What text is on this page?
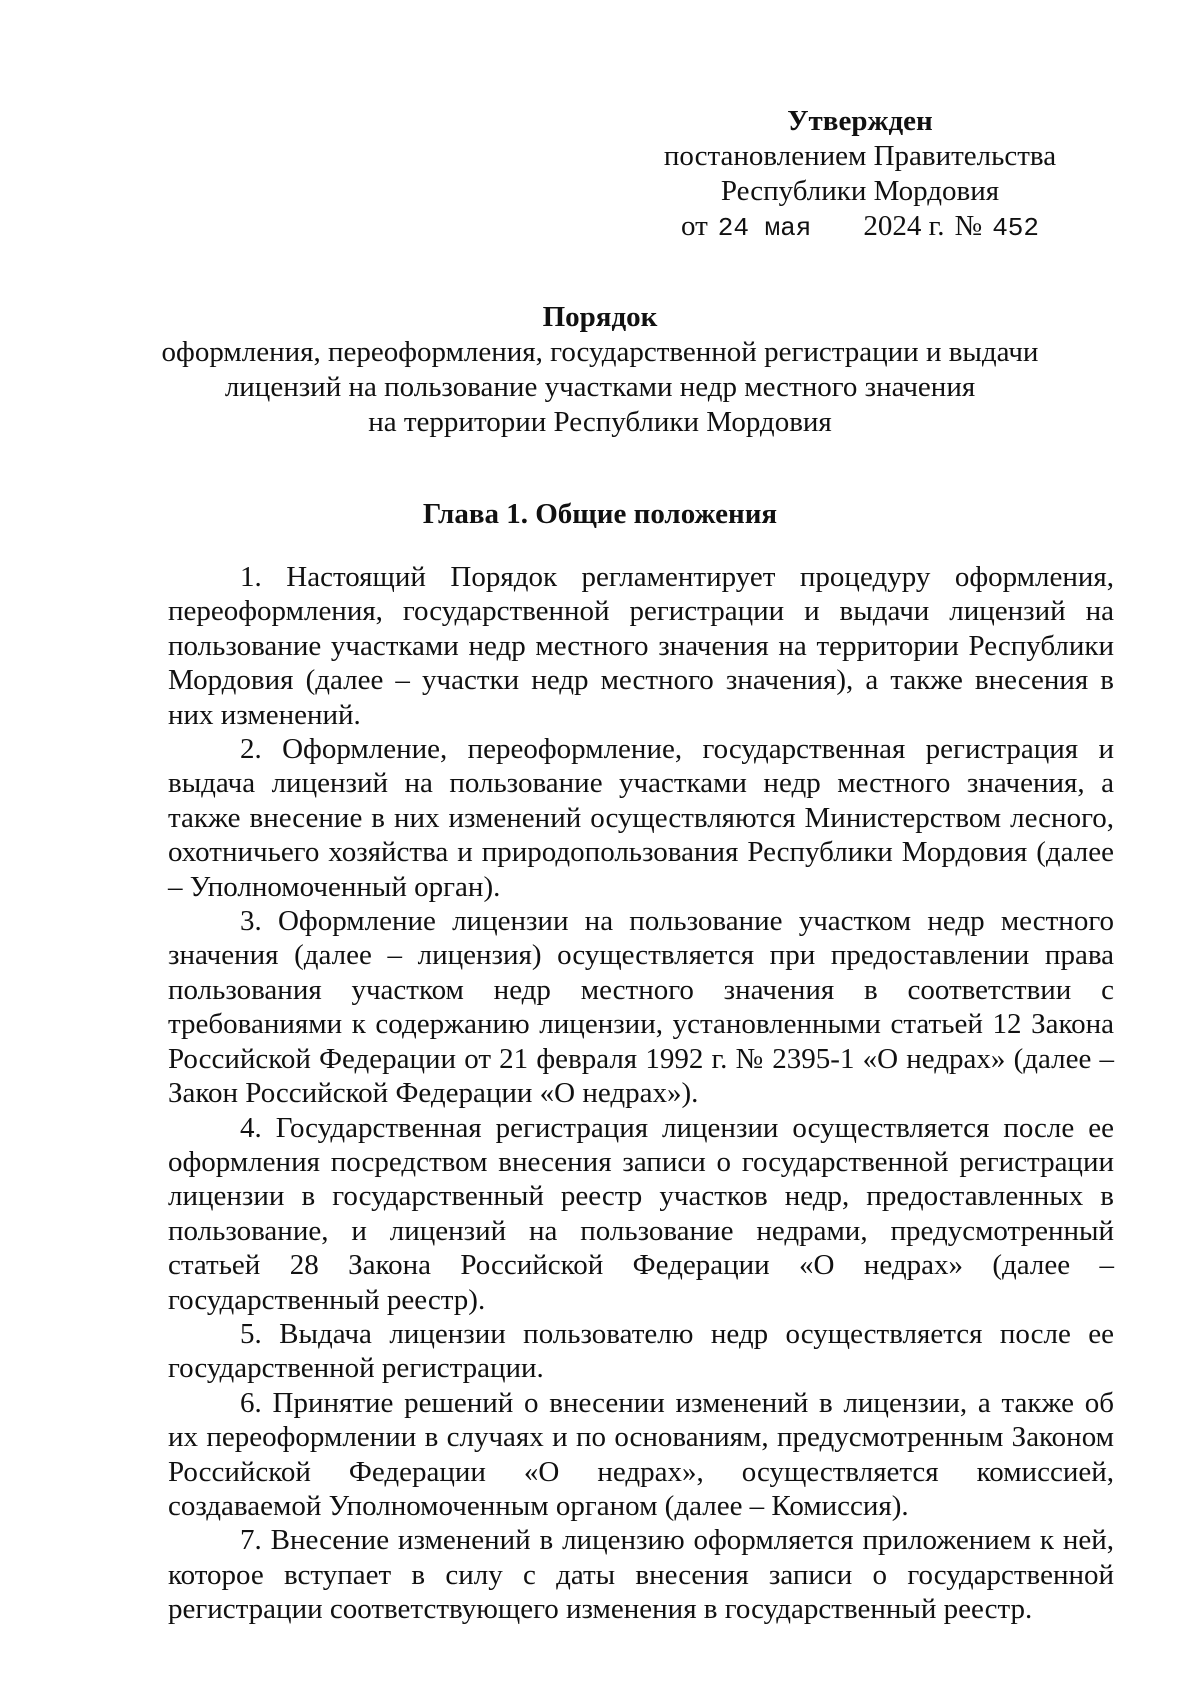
Утвержден
постановлением Правительства
Республики Мордовия
от 24 мая 2024 г. № 452
Порядок
оформления, переоформления, государственной регистрации и выдачи
лицензий на пользование участками недр местного значения
на территории Республики Мордовия
Глава 1. Общие положения

1. Настоящий Порядок регламентирует процедуру оформления, переоформления, государственной регистрации и выдачи лицензий на пользование участками недр местного значения на территории Республики Мордовия (далее – участки недр местного значения), а также внесения в них изменений.

2. Оформление, переоформление, государственная регистрация и выдача лицензий на пользование участками недр местного значения, а также внесение в них изменений осуществляются Министерством лесного, охотничьего хозяйства и природопользования Республики Мордовия (далее – Уполномоченный орган).

3. Оформление лицензии на пользование участком недр местного значения (далее – лицензия) осуществляется при предоставлении права пользования участком недр местного значения в соответствии с требованиями к содержанию лицензии, установленными статьей 12 Закона Российской Федерации от 21 февраля 1992 г. № 2395-1 «О недрах» (далее – Закон Российской Федерации «О недрах»).

4. Государственная регистрация лицензии осуществляется после ее оформления посредством внесения записи о государственной регистрации лицензии в государственный реестр участков недр, предоставленных в пользование, и лицензий на пользование недрами, предусмотренный статьей 28 Закона Российской Федерации «О недрах» (далее – государственный реестр).

5. Выдача лицензии пользователю недр осуществляется после ее государственной регистрации.

6. Принятие решений о внесении изменений в лицензии, а также об их переоформлении в случаях и по основаниям, предусмотренным Законом Российской Федерации «О недрах», осуществляется комиссией, создаваемой Уполномоченным органом (далее – Комиссия).

7. Внесение изменений в лицензию оформляется приложением к ней, которое вступает в силу с даты внесения записи о государственной регистрации соответствующего изменения в государственный реестр.
